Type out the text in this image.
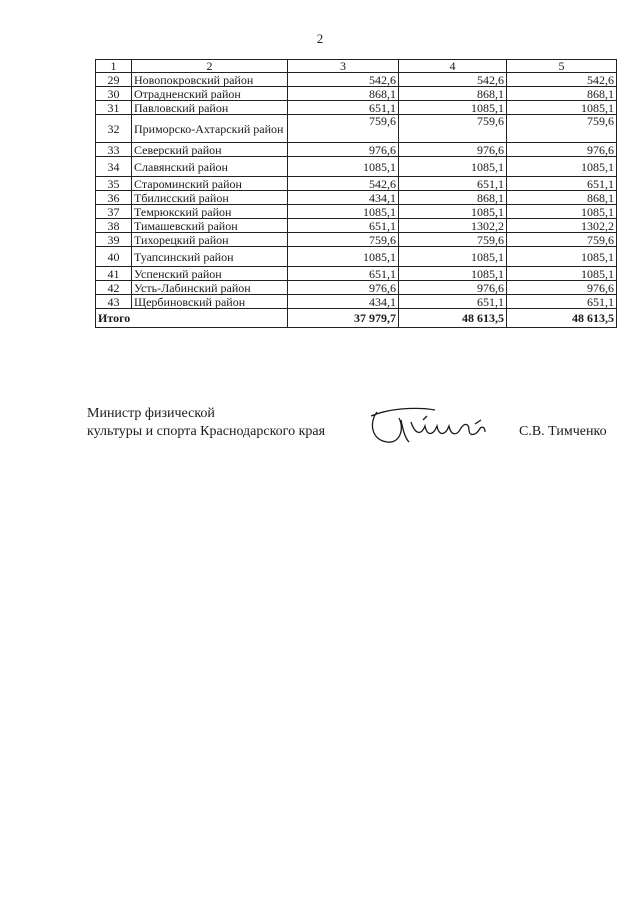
2
1	2	3	4	5
29	Новопокровский район	542,6	542,6	542,6
30	Отрадненский район	868,1	868,1	868,1
31	Павловский район	651,1	1085,1	1085,1
32	Приморско-Ахтарский район	759,6	759,6	759,6
33	Северский район	976,6	976,6	976,6
34	Славянский район	1085,1	1085,1	1085,1
35	Староминский район	542,6	651,1	651,1
36	Тбилисский район	434,1	868,1	868,1
37	Темрюкский район	1085,1	1085,1	1085,1
38	Тимашевский район	651,1	1302,2	1302,2
39	Тихорецкий район	759,6	759,6	759,6
40	Туапсинский район	1085,1	1085,1	1085,1
41	Успенский район	651,1	1085,1	1085,1
42	Усть-Лабинский район	976,6	976,6	976,6
43	Щербиновский район	434,1	651,1	651,1
Итого		37 979,7	48 613,5	48 613,5
Министр физической
культуры и спорта Краснодарского края	С.В. Тимченко
